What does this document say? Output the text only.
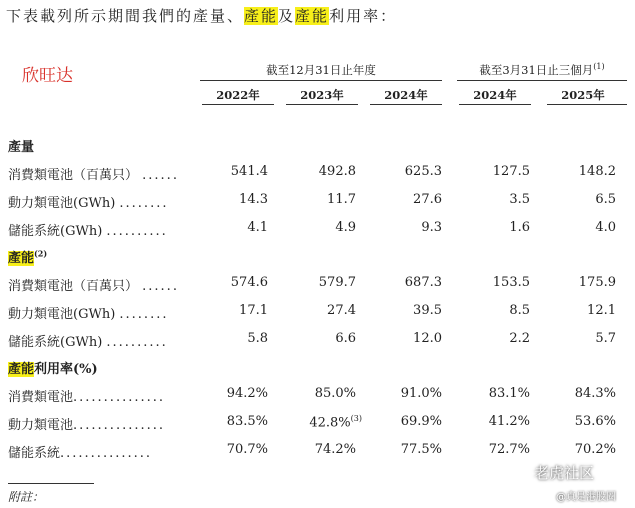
下表載列所示期間我們的產量、產能及產能利用率：
欣旺达	截至12月31日止年度	截至3月31日止三個月$^{(1)}$
2022年	2023年	2024年	2024年	2025年
產量
消費類電池（百萬只） ......	541.4	492.8	625.3	127.5	148.2
動力類電池(GWh) ........	14.3	11.7	27.6	3.5	6.5
儲能系統(GWh) ..........	4.1	4.9	9.3	1.6	4.0
產能$^{(2)}$
消費類電池（百萬只） ......	574.6	579.7	687.3	153.5	175.9
動力類電池(GWh) ........	17.1	27.4	39.5	8.5	12.1
儲能系統(GWh) ..........	5.8	6.6	12.0	2.2	5.7
產能利用率(%)
消費類電池...............	94.2%	85.0%	91.0%	83.1%	84.3%
動力類電池...............	83.5%	42.8%$^{(3)}$	69.9%	41.2%	53.6%
儲能系統...............	70.7%	74.2%	77.5%	72.7%	70.2%
附註：
老虎社区
@真是港股圈
